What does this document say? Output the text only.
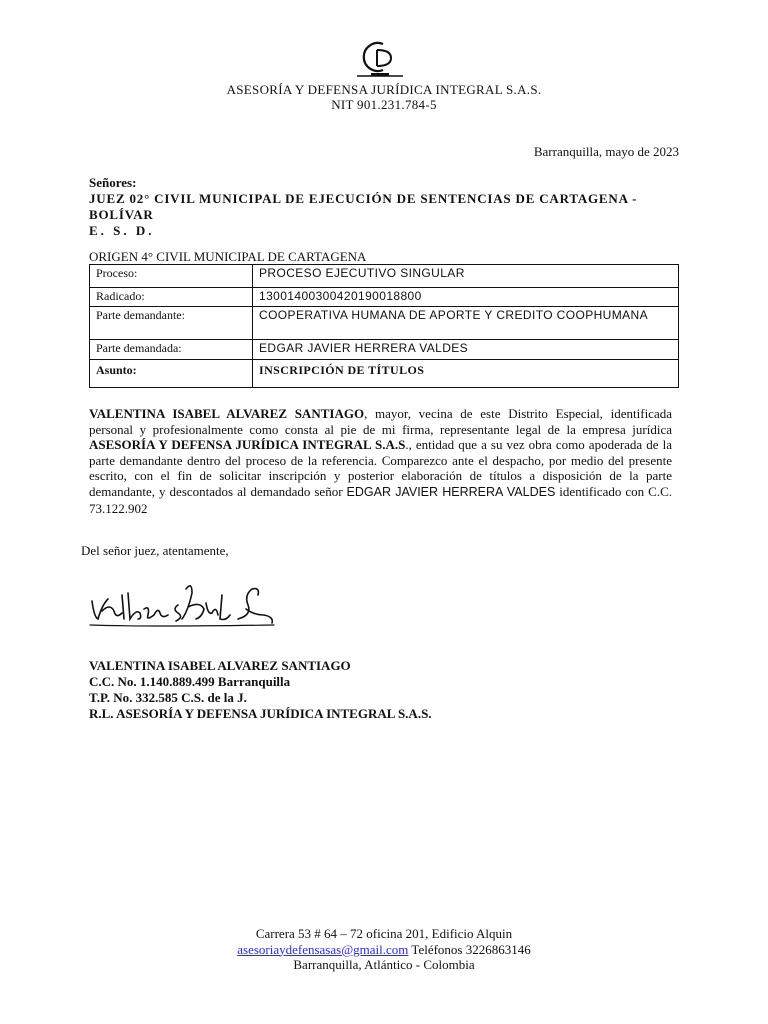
ASESORÍA Y DEFENSA JURÍDICA INTEGRAL S.A.S.
NIT 901.231.784-5
Barranquilla, mayo de 2023
Señores:
JUEZ 02° CIVIL MUNICIPAL DE EJECUCIÓN DE SENTENCIAS DE CARTAGENA - BOLÍVAR
E. S. D.
ORIGEN 4° CIVIL MUNICIPAL DE CARTAGENA
Proceso:	PROCESO EJECUTIVO SINGULAR
Radicado:	13001400300420190018800
Parte demandante:	COOPERATIVA HUMANA DE APORTE Y CREDITO COOPHUMANA
Parte demandada:	EDGAR JAVIER HERRERA VALDES
Asunto:	INSCRIPCIÓN DE TÍTULOS
VALENTINA ISABEL ALVAREZ SANTIAGO, mayor, vecina de este Distrito Especial, identificada personal y profesionalmente como consta al pie de mi firma, representante legal de la empresa jurídica ASESORÍA Y DEFENSA JURÍDICA INTEGRAL S.A.S., entidad que a su vez obra como apoderada de la parte demandante dentro del proceso de la referencia. Comparezco ante el despacho, por medio del presente escrito, con el fin de solicitar inscripción y posterior elaboración de títulos a disposición de la parte demandante, y descontados al demandado señor EDGAR JAVIER HERRERA VALDES identificado con C.C. 73.122.902
Del señor juez, atentamente,
VALENTINA ISABEL ALVAREZ SANTIAGO
C.C. No. 1.140.889.499 Barranquilla
T.P. No. 332.585 C.S. de la J.
R.L. ASESORÍA Y DEFENSA JURÍDICA INTEGRAL S.A.S.
Carrera 53 # 64 – 72 oficina 201, Edificio Alquin
asesoriaydefensasas@gmail.com Teléfonos 3226863146
Barranquilla, Atlántico - Colombia
